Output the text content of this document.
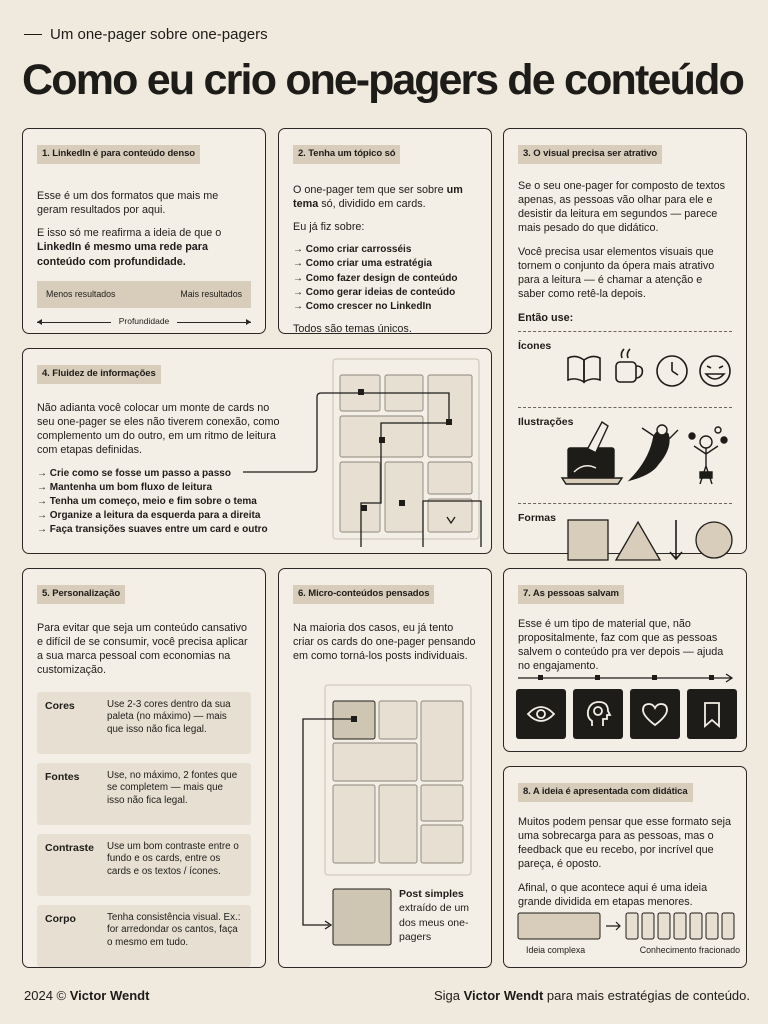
Um one-pager sobre one-pagers
Como eu crio one-pagers de conteúdo
1. LinkedIn é para conteúdo denso

Esse é um dos formatos que mais me geram resultados por aqui.

E isso só me reafirma a ideia de que o LinkedIn é mesmo uma rede para conteúdo com profundidade.

Menos resultados	Mais resultados
Profundidade
2. Tenha um tópico só

O one-pager tem que ser sobre um tema só, dividido em cards.

Eu já fiz sobre:

→ Como criar carrosséis
→ Como criar uma estratégia
→ Como fazer design de conteúdo
→ Como gerar ideias de conteúdo
→ Como crescer no LinkedIn

Todos são temas únicos.

3. O visual precisa ser atrativo

Se o seu one-pager for composto de textos apenas, as pessoas vão olhar para ele e desistir da leitura em segundos — parece mais pesado do que didático.

Você precisa usar elementos visuais que tornem o conjunto da ópera mais atrativo para a leitura — é chamar a atenção e saber como retê-la depois.

Então use:

Ícones
Ilustrações
Formas
4. Fluidez de informações

Não adianta você colocar um monte de cards no seu one-pager se eles não tiverem conexão, como complemento um do outro, em um ritmo de leitura com etapas definidas.

→ Crie como se fosse um passo a passo
→ Mantenha um bom fluxo de leitura
→ Tenha um começo, meio e fim sobre o tema
→ Organize a leitura da esquerda para a direita
→ Faça transições suaves entre um card e outro
5. Personalização

Para evitar que seja um conteúdo cansativo e difícil de se consumir, você precisa aplicar a sua marca pessoal com economias na customização.

Cores	Use 2-3 cores dentro da sua paleta (no máximo) — mais que isso não fica legal.
Fontes	Use, no máximo, 2 fontes que se completem — mais que isso não fica legal.
Contraste	Use um bom contraste entre o fundo e os cards, entre os cards e os textos / ícones.
Corpo	Tenha consistência visual. Ex.: for arredondar os cantos, faça o mesmo em tudo.
6. Micro-conteúdos pensados

Na maioria dos casos, eu já tento criar os cards do one-pager pensando em como torná-los posts individuais.

Post simples
extraído de um dos meus one-pagers
7. As pessoas salvam

Esse é um tipo de material que, não propositalmente, faz com que as pessoas salvem o conteúdo pra ver depois — ajuda no engajamento.

8. A ideia é apresentada com didática

Muitos podem pensar que esse formato seja uma sobrecarga para as pessoas, mas o feedback que eu recebo, por incrível que pareça, é oposto.

Afinal, o que acontece aqui é uma ideia grande dividida em etapas menores.

Ideia complexa	Conhecimento fracionado
2024 © Victor Wendt	Siga Victor Wendt para mais estratégias de conteúdo.
